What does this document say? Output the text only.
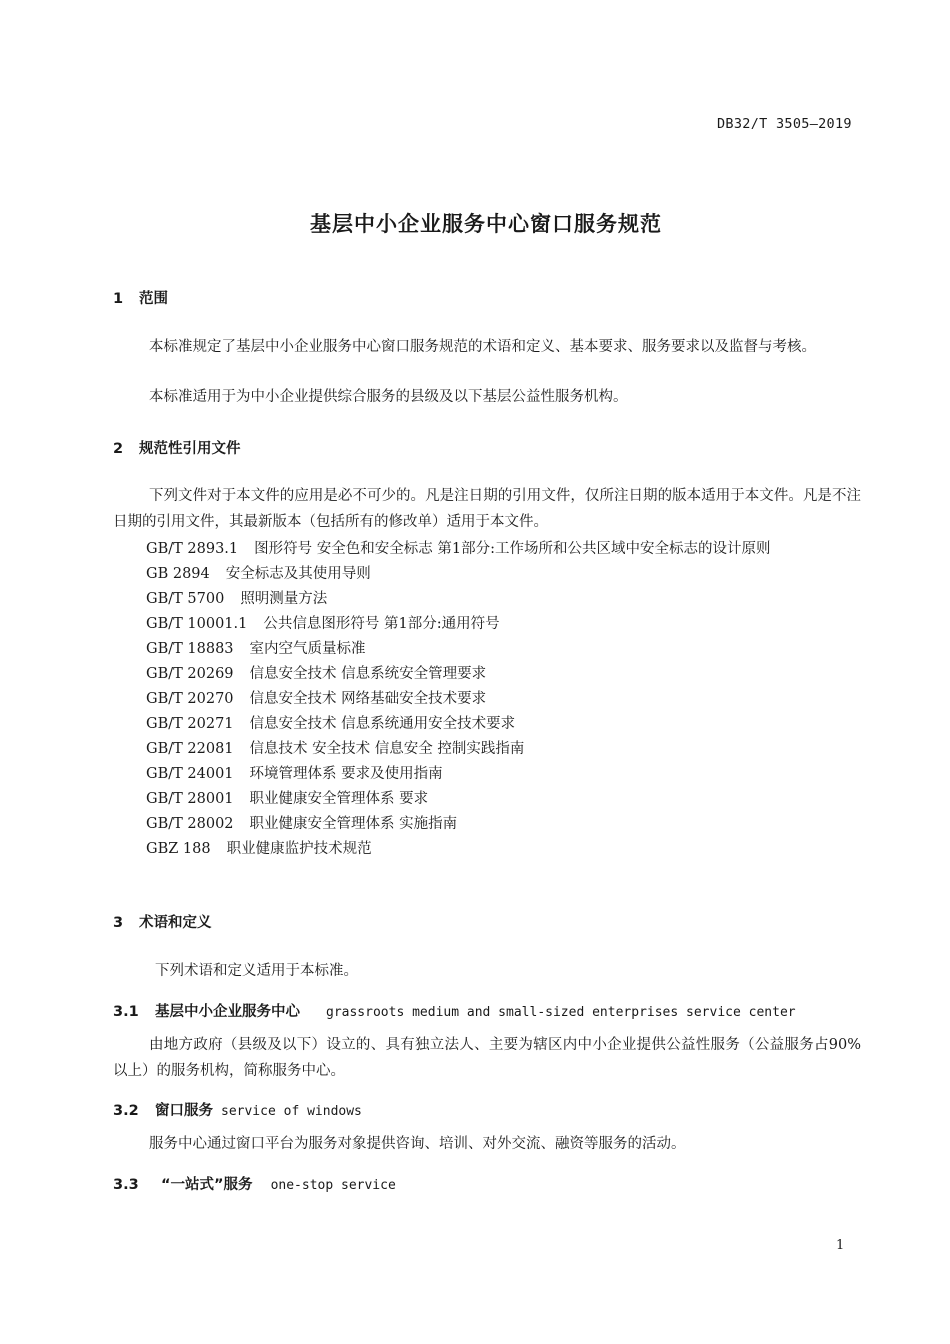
DB32/T 3505—2019
基层中小企业服务中心窗口服务规范
1 范围
本标准规定了基层中小企业服务中心窗口服务规范的术语和定义、基本要求、服务要求以及监督与考核。
本标准适用于为中小企业提供综合服务的县级及以下基层公益性服务机构。
2 规范性引用文件
下列文件对于本文件的应用是必不可少的。凡是注日期的引用文件，仅所注日期的版本适用于本文件。凡是不注日期的引用文件，其最新版本（包括所有的修改单）适用于本文件。
GB/T 2893.1 图形符号 安全色和安全标志 第1部分:工作场所和公共区域中安全标志的设计原则
GB 2894 安全标志及其使用导则
GB/T 5700 照明测量方法
GB/T 10001.1 公共信息图形符号 第1部分:通用符号
GB/T 18883 室内空气质量标准
GB/T 20269 信息安全技术 信息系统安全管理要求
GB/T 20270 信息安全技术 网络基础安全技术要求
GB/T 20271 信息安全技术 信息系统通用安全技术要求
GB/T 22081 信息技术 安全技术 信息安全 控制实践指南
GB/T 24001 环境管理体系 要求及使用指南
GB/T 28001 职业健康安全管理体系 要求
GB/T 28002 职业健康安全管理体系 实施指南
GBZ 188 职业健康监护技术规范
3 术语和定义
下列术语和定义适用于本标准。
3.1 基层中小企业服务中心 grassroots medium and small-sized enterprises service center
由地方政府（县级及以下）设立的、具有独立法人、主要为辖区内中小企业提供公益性服务（公益服务占90%以上）的服务机构，简称服务中心。
3.2 窗口服务 service of windows
服务中心通过窗口平台为服务对象提供咨询、培训、对外交流、融资等服务的活动。
3.3 “一站式”服务 one-stop service
1
